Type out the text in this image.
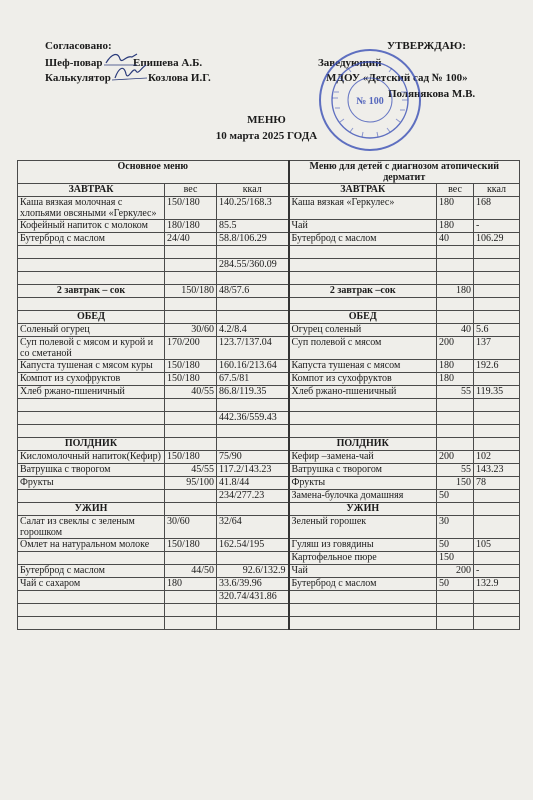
Согласовано:
Шеф-повар	Епишева А.Б.
Калькулятор	Козлова И.Г.
УТВЕРЖДАЮ:
Заведующий
МДОУ «Детский сад № 100»
Полянякова М.В.
№ 100
МЕНЮ
10 марта 2025 ГОДА
Основное меню			Меню для детей с диагнозом атопический дерматит		
ЗАВТРАК	вес	ккал	ЗАВТРАК	вес	ккал
Каша вязкая молочная с хлопьями овсяными «Геркулес»	150/180	140.25/168.3	Каша вязкая «Геркулес»	180	168
Кофейный напиток с молоком	180/180	85.5	Чай	180	-
Бутерброд с маслом	24/40	58.8/106.29	Бутерброд с маслом	40	106.29

		284.55/360.09			

2 завтрак – сок	150/180	48/57.6	2 завтрак –сок	180	

ОБЕД			ОБЕД		
Соленый огурец	30/60	4.2/8.4	Огурец соленый	40	5.6
Суп полевой с мясом и курой и со сметаной	170/200	123.7/137.04	Суп полевой с мясом	200	137
Капуста тушеная с мясом куры	150/180	160.16/213.64	Капуста тушеная с мясом	180	192.6
Компот из сухофруктов	150/180	67.5/81	Компот из сухофруктов	180	
Хлеб ржано-пшеничный	40/55	86.8/119.35	Хлеб ржано-пшеничный	55	119.35

		442.36/559.43			

ПОЛДНИК			ПОЛДНИК		
Кисломолочный напиток(Кефир)	150/180	75/90	Кефир –замена-чай	200	102
Ватрушка с творогом	45/55	117.2/143.23	Ватрушка с творогом	55	143.23
Фрукты	95/100	41.8/44	Фрукты	150	78
		234/277.23	Замена-булочка домашняя	50	
УЖИН			УЖИН		
Салат из свеклы с зеленым горошком	30/60	32/64	Зеленый горошек	30	
Омлет на натуральном молоке	150/180	162.54/195	Гуляш из говядины	50	105
			Картофельное пюре	150	
Бутерброд с маслом	44/50	92.6/132.9	Чай	200	-
Чай с сахаром	180	33.6/39.96	Бутерброд с маслом	50	132.9
		320.74/431.86			
